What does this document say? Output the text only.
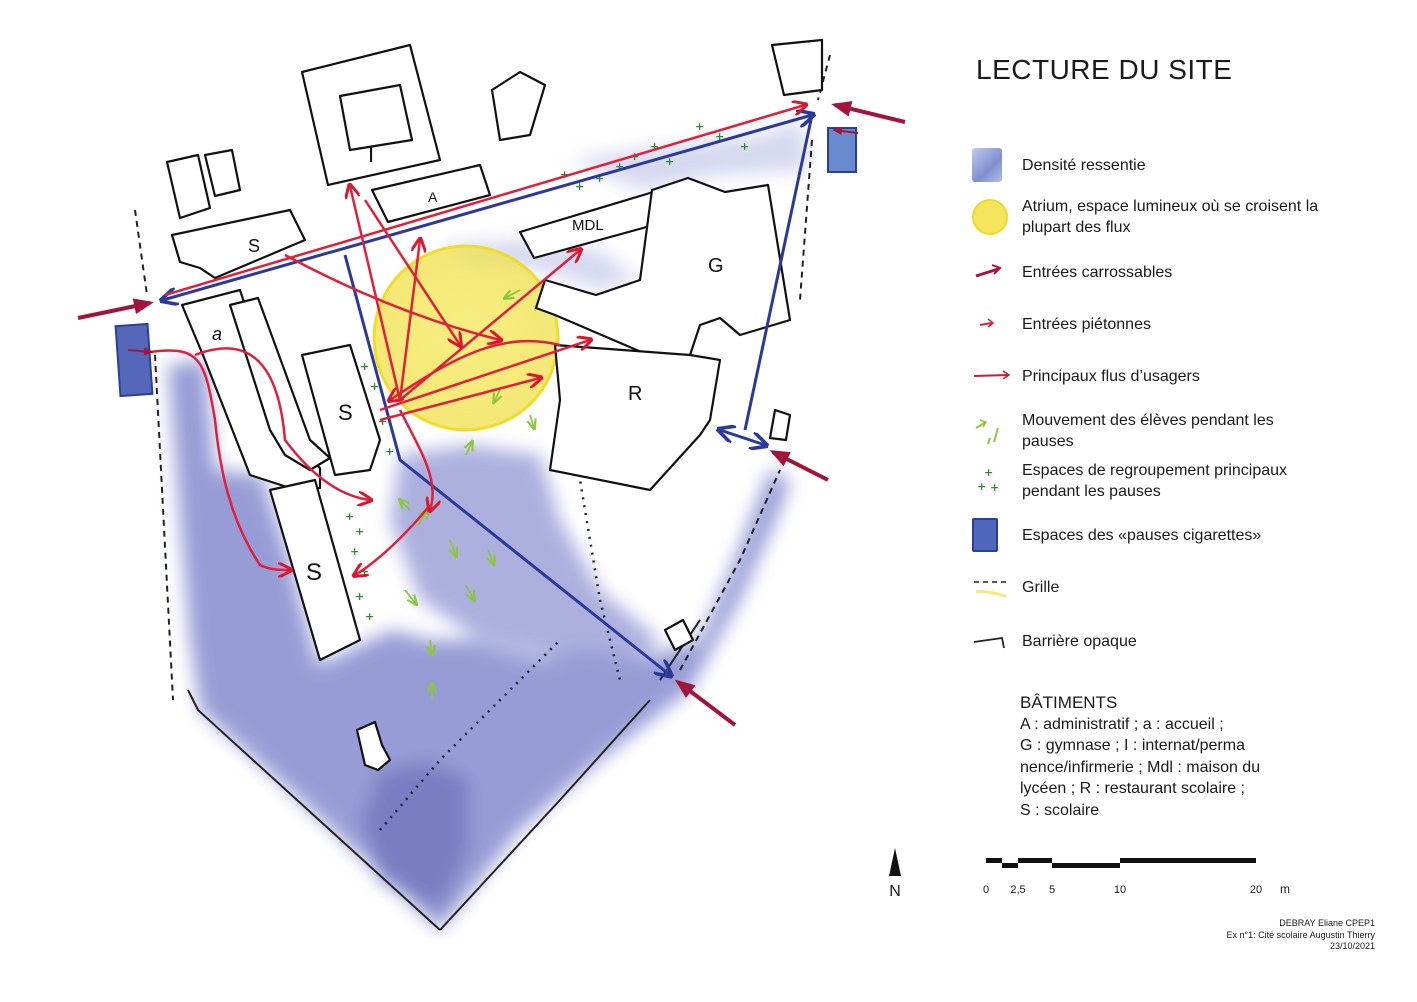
I
A
S
MDL
G
a
S
R
S
+
+
+
+
+
+
+
+
+
+
+
+
+
+
+
+
+
+
+
+
LECTURE DU SITE
Densité ressentie
Atrium, espace lumineux où se croisent la plupart des flux
Entrées carrossables
Entrées piétonnes
Principaux flus d’usagers
Mouvement des élèves pendant les pauses
+
+ +
Espaces de regroupement principaux pendant les pauses
Espaces des «pauses cigarettes»
Grille
Barrière opaque
BÂTIMENTS
A : administratif ; a : accueil ;
G : gymnase ; I : internat/perma
nence/infirmerie ; Mdl : maison du
lycéen ; R : restaurant scolaire ;
S : scolaire
N	0 2,5 5	10	20 m
DEBRAY Eliane CPEP1
Ex n°1: Cité scolaire Augustin Thierry
23/10/2021
